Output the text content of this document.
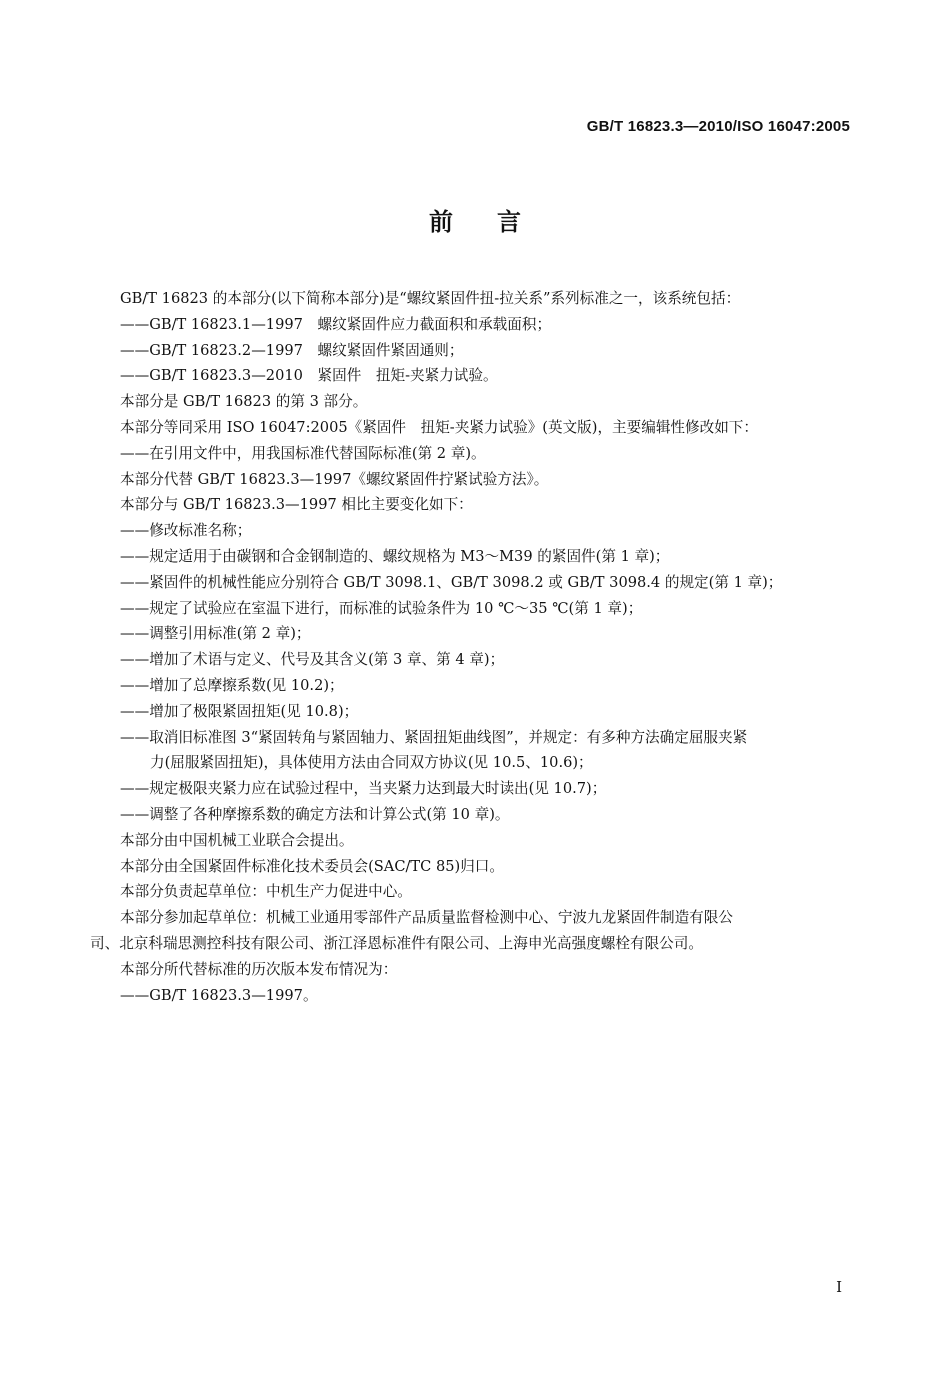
GB/T 16823.3—2010/ISO 16047:2005
前言
GB/T 16823 的本部分(以下简称本部分)是“螺纹紧固件扭-拉关系”系列标准之一，该系统包括：
——GB/T 16823.1—1997　螺纹紧固件应力截面积和承载面积；
——GB/T 16823.2—1997　螺纹紧固件紧固通则；
——GB/T 16823.3—2010　紧固件　扭矩-夹紧力试验。
本部分是 GB/T 16823 的第 3 部分。
本部分等同采用 ISO 16047:2005《紧固件　扭矩-夹紧力试验》(英文版)，主要编辑性修改如下：
——在引用文件中，用我国标准代替国际标准(第 2 章)。
本部分代替 GB/T 16823.3—1997《螺纹紧固件拧紧试验方法》。
本部分与 GB/T 16823.3—1997 相比主要变化如下：
——修改标准名称；
——规定适用于由碳钢和合金钢制造的、螺纹规格为 M3～M39 的紧固件(第 1 章)；
——紧固件的机械性能应分别符合 GB/T 3098.1、GB/T 3098.2 或 GB/T 3098.4 的规定(第 1 章)；
——规定了试验应在室温下进行，而标准的试验条件为 10 ℃～35 ℃(第 1 章)；
——调整引用标准(第 2 章)；
——增加了术语与定义、代号及其含义(第 3 章、第 4 章)；
——增加了总摩擦系数(见 10.2)；
——增加了极限紧固扭矩(见 10.8)；
——取消旧标准图 3“紧固转角与紧固轴力、紧固扭矩曲线图”，并规定：有多种方法确定屈服夹紧
力(屈服紧固扭矩)，具体使用方法由合同双方协议(见 10.5、10.6)；
——规定极限夹紧力应在试验过程中，当夹紧力达到最大时读出(见 10.7)；
——调整了各种摩擦系数的确定方法和计算公式(第 10 章)。
本部分由中国机械工业联合会提出。
本部分由全国紧固件标准化技术委员会(SAC/TC 85)归口。
本部分负责起草单位：中机生产力促进中心。
本部分参加起草单位：机械工业通用零部件产品质量监督检测中心、宁波九龙紧固件制造有限公
司、北京科瑞思测控科技有限公司、浙江泽恩标准件有限公司、上海申光高强度螺栓有限公司。
本部分所代替标准的历次版本发布情况为：
——GB/T 16823.3—1997。
I
